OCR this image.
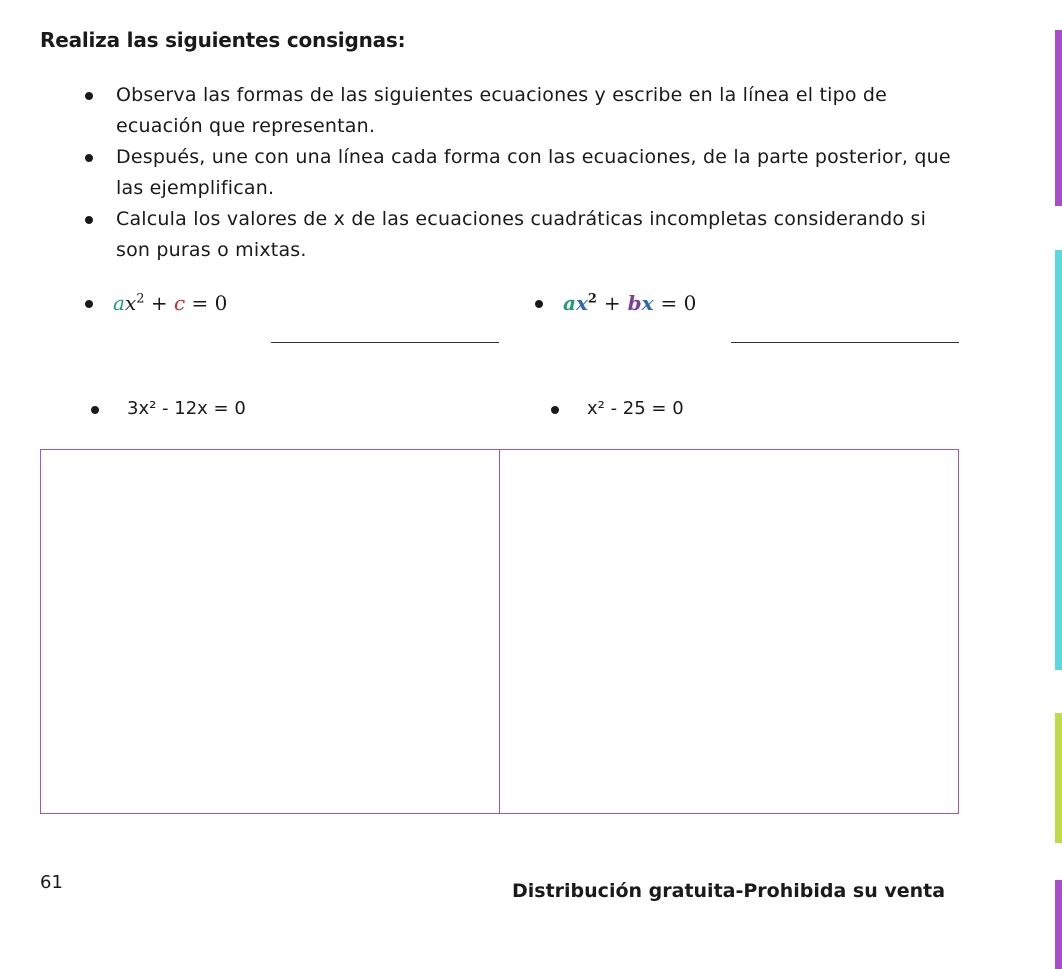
Realiza las siguientes consignas:
Observa las formas de las siguientes ecuaciones y escribe en la línea el tipo de ecuación que representan.
Después, une con una línea cada forma con las ecuaciones, de la parte posterior, que las ejemplifican.
Calcula los valores de x de las ecuaciones cuadráticas incompletas considerando si son puras o mixtas.
$ax^2 + c = 0$	$ax^2$ + bx = 0
3x² - 12x = 0	x² - 25 = 0
61	Distribución gratuita-Prohibida su venta
